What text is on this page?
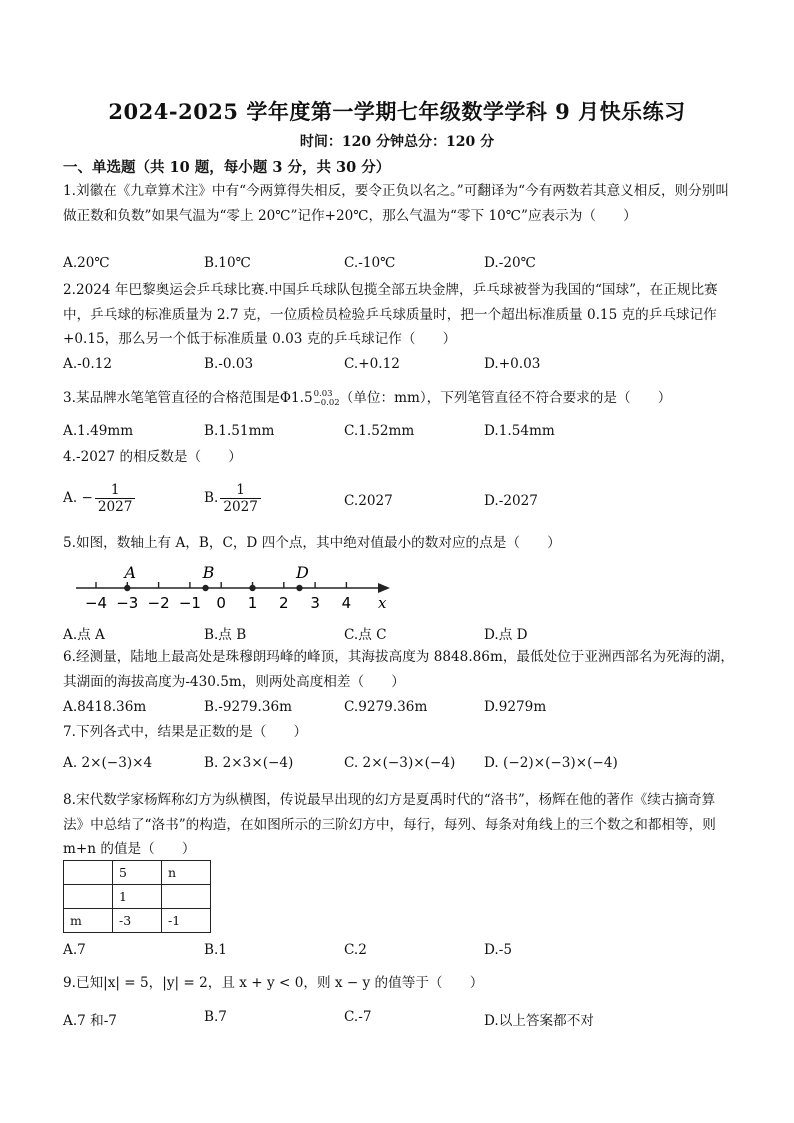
2024-2025 学年度第一学期七年级数学学科 9 月快乐练习
时间：120 分钟总分：120 分
一、单选题（共 10 题，每小题 3 分，共 30 分）

1.刘徽在《九章算术注》中有“今两算得失相反，要令正负以名之。”可翻译为“今有两数若其意义相反，则分别叫做正数和负数”如果气温为“零上 20℃”记作+20℃，那么气温为“零下 10℃”应表示为（　　）

A.20℃	B.10℃	C.-10℃	D.-20℃

2.2024 年巴黎奥运会乒乓球比赛.中国乒乓球队包揽全部五块金牌，乒乓球被誉为我国的“国球”，在正规比赛中，乒乓球的标准质量为 2.7 克，一位质检员检验乒乓球质量时，把一个超出标准质量 0.15 克的乒乓球记作+0.15，那么另一个低于标准质量 0.03 克的乒乓球记作（　　）

A.-0.12	B.-0.03	C.+0.12	D.+0.03

3.某品牌水笔笔管直径的合格范围是Φ1.5 0.03
−0.02 （单位：mm），下列笔管直径不符合要求的是（　　）

A.1.49mm	B.1.51mm	C.1.52mm	D.1.54mm

4.-2027 的相反数是（　　）

A. − $\frac{1}{2027}$	B. $\frac{1}{2027}$	C.2027	D.-2027

5.如图，数轴上有 A，B，C，D 四个点，其中绝对值最小的数对应的点是（　　）

−4 −3 −2 −1 0 1 2 3 4
A	B	D
x
A.点 A	B.点 B	C.点 C	D.点 D

6.经测量，陆地上最高处是珠穆朗玛峰的峰顶，其海拔高度为 8848.86m，最低处位于亚洲西部名为死海的湖，其湖面的海拔高度为-430.5m，则两处高度相差（　　）

A.8418.36m	B.-9279.36m	C.9279.36m	D.9279m

7.下列各式中，结果是正数的是（　　）

A. 2×(−3)×4	B. 2×3×(−4)	C. 2×(−3)×(−4) D. (−2)×(−3)×(−4)

8.宋代数学家杨辉称幻方为纵横图，传说最早出现的幻方是夏禹时代的“洛书”，杨辉在他的著作《续古摘奇算法》中总结了“洛书”的构造，在如图所示的三阶幻方中，每行，每列、每条对角线上的三个数之和都相等，则 m+n 的值是（　　）

	5	n
	1	
m	-3	-1
A.7	B.1	C.2	D.-5

9.已知|x| = 5，|y| = 2，且 x + y < 0，则 x − y 的值等于（　　）

A.7 和-7	B.7	C.-7	D.以上答案都不对
